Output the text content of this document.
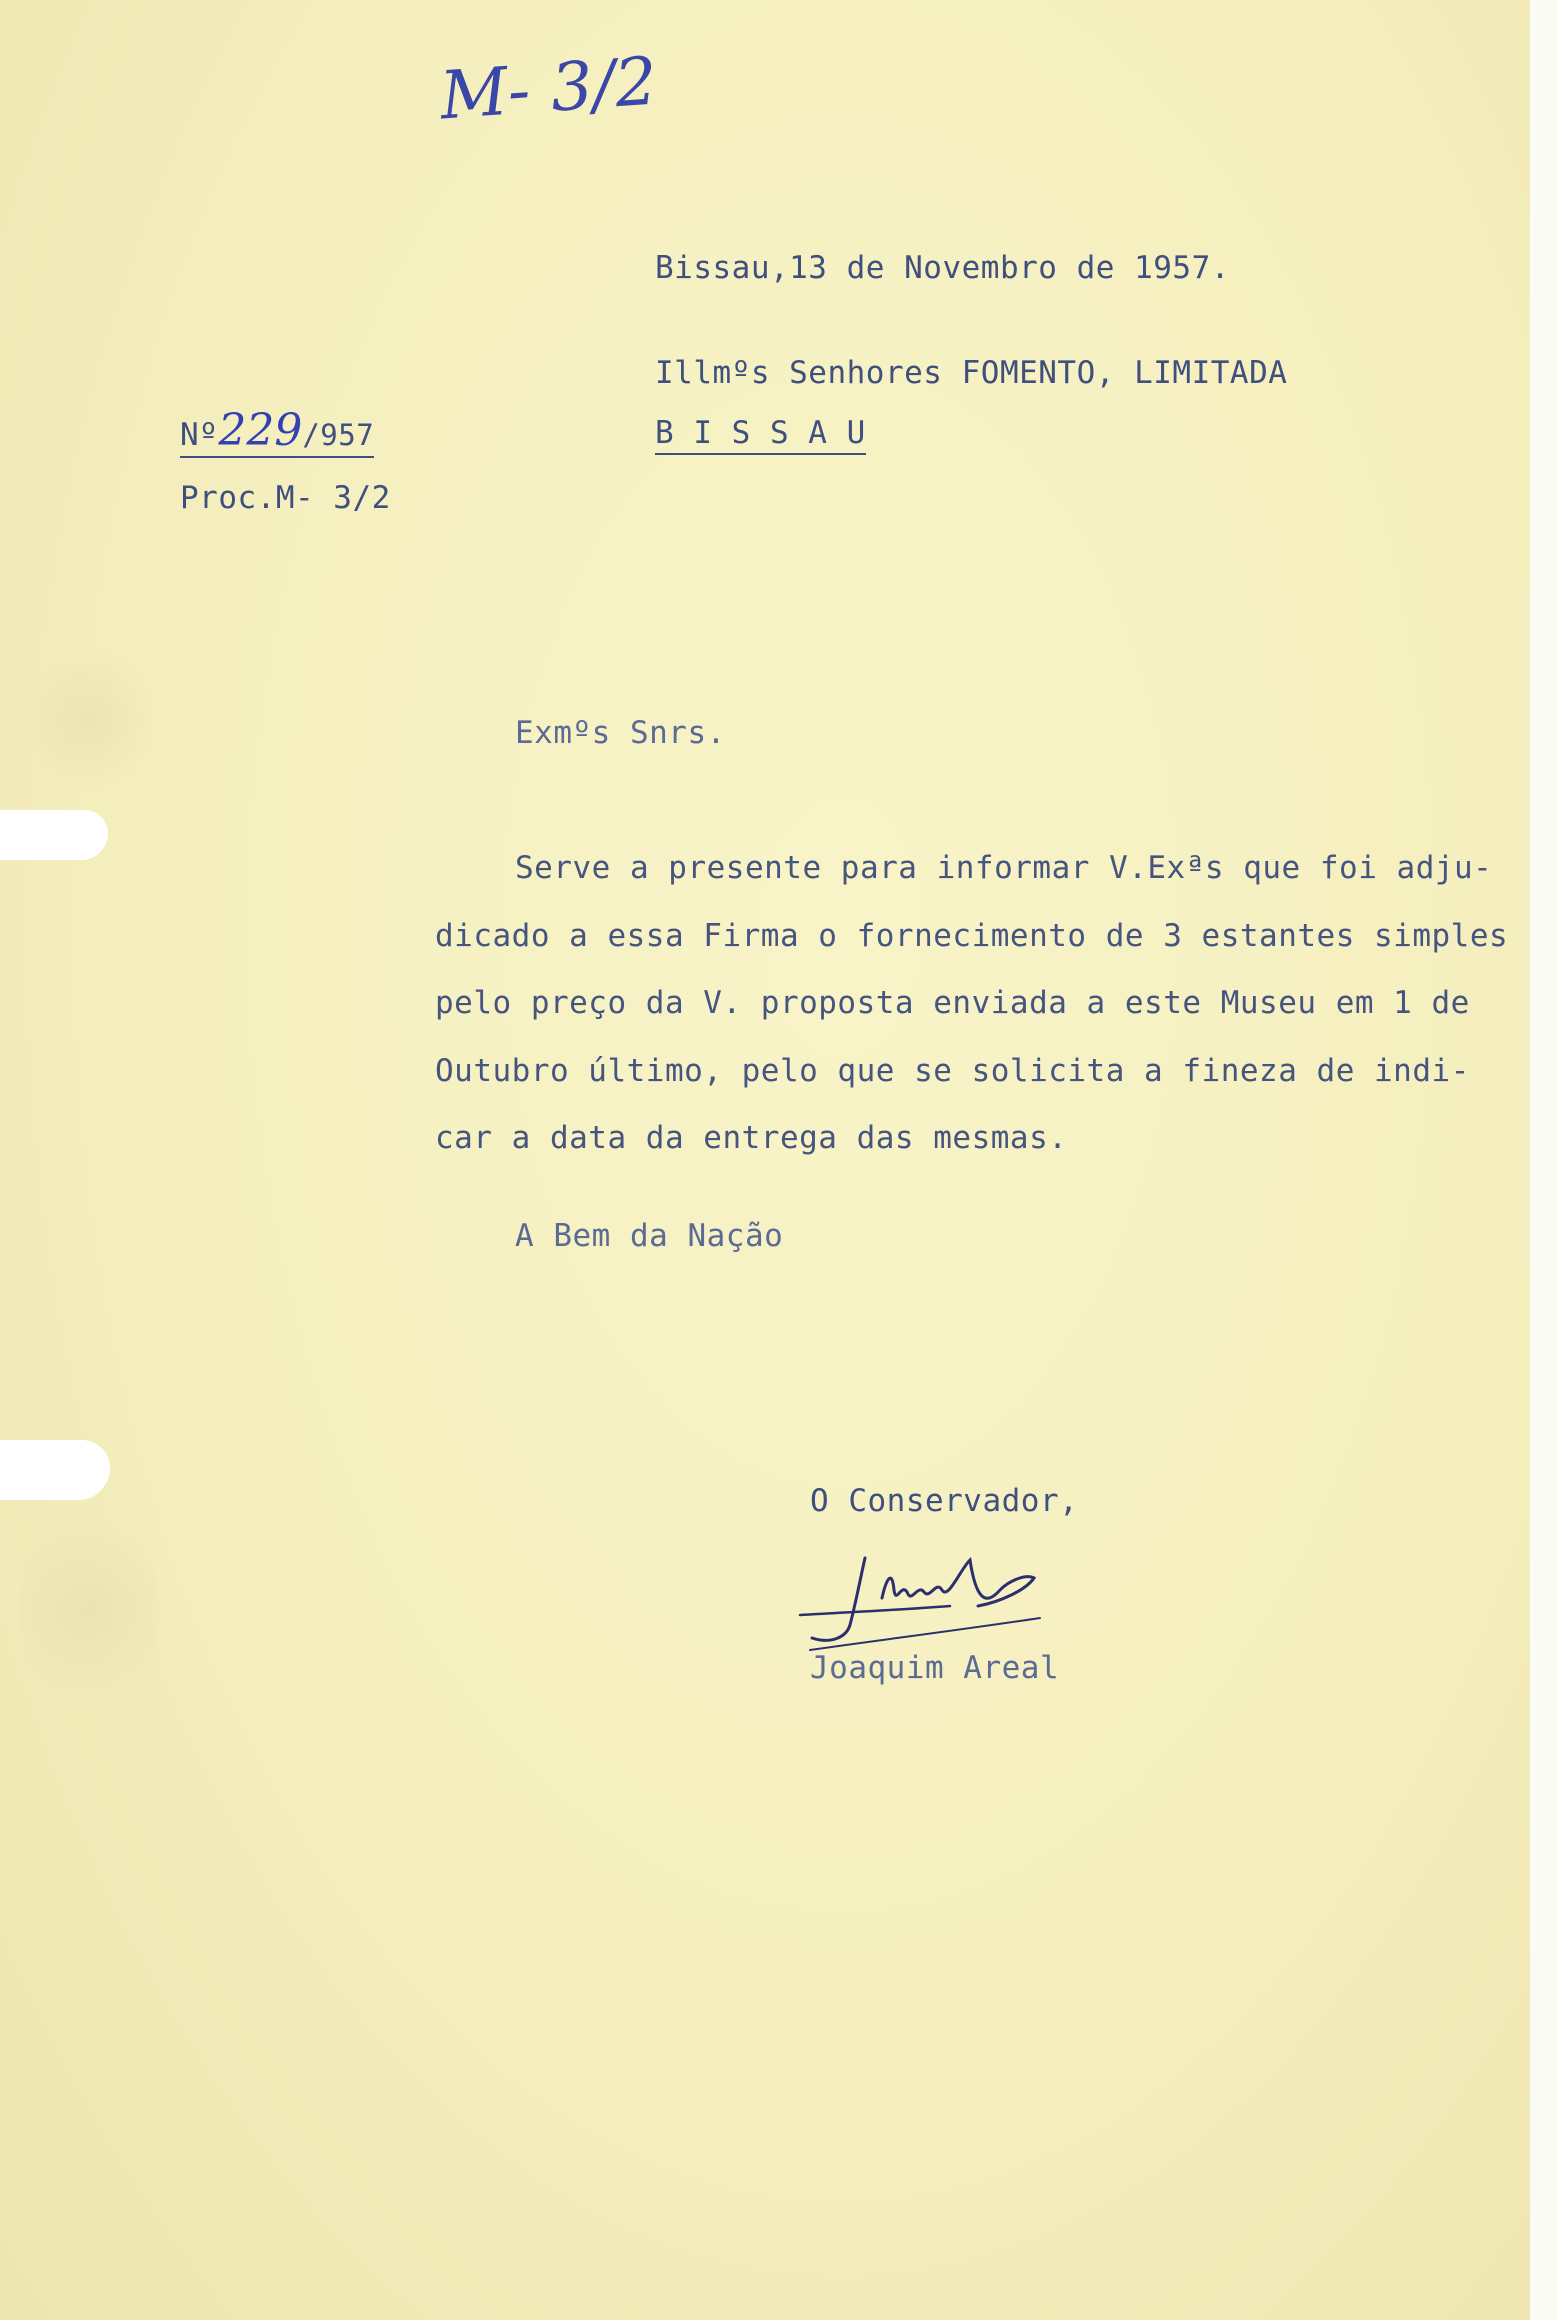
M- 3/2
Bissau,13 de Novembro de 1957.
Illmºs Senhores FOMENTO, LIMITADA
B I S S A U
Nº229/957
Proc.M- 3/2
Exmºs Snrs.
Serve a presente para informar V.Exªs que foi adju-
dicado a essa Firma o fornecimento de 3 estantes simples
pelo preço da V. proposta enviada a este Museu em 1 de
Outubro último, pelo que se solicita a fineza de indi-
car a data da entrega das mesmas.
A Bem da Nação
O Conservador,
Joaquim Areal
